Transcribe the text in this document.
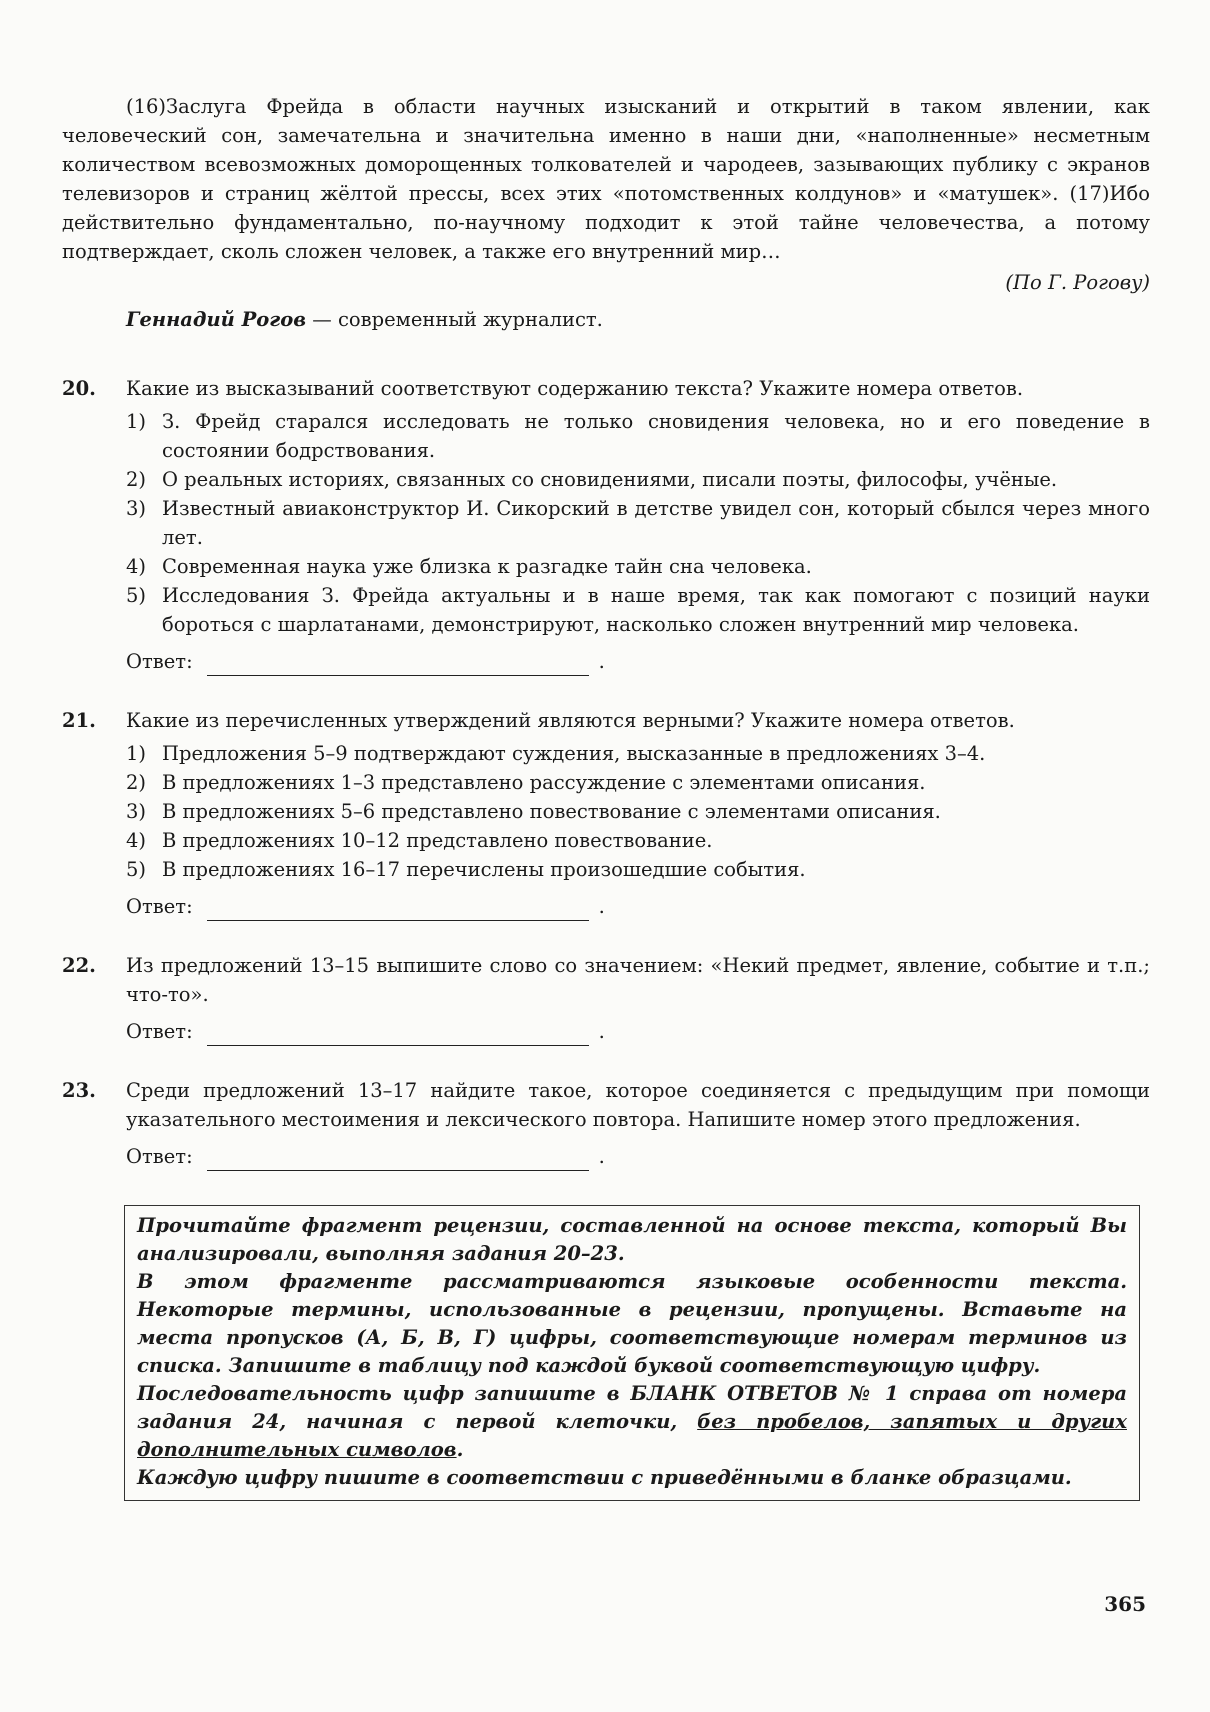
(16)Заслуга Фрейда в области научных изысканий и открытий в таком явлении, как человеческий сон, замечательна и значительна именно в наши дни, «наполненные» несметным количеством всевозможных доморощенных толкователей и чародеев, зазывающих публику с экранов телевизоров и страниц жёлтой прессы, всех этих «потомственных колдунов» и «матушек». (17)Ибо действительно фундаментально, по-научному подходит к этой тайне человечества, а потому подтверждает, сколь сложен человек, а также его внутренний мир…

(По Г. Рогову)

Геннадий Рогов — современный журналист.

20. Какие из высказываний соответствуют содержанию текста? Укажите номера ответов.

1) З. Фрейд старался исследовать не только сновидения человека, но и его поведение в состоянии бодрствования.
2) О реальных историях, связанных со сновидениями, писали поэты, философы, учёные.
3) Известный авиаконструктор И. Сикорский в детстве увидел сон, который сбылся через много лет.
4) Современная наука уже близка к разгадке тайн сна человека.
5) Исследования З. Фрейда актуальны и в наше время, так как помогают с позиций науки бороться с шарлатанами, демонстрируют, насколько сложен внутренний мир человека.
Ответ:	.
21. Какие из перечисленных утверждений являются верными? Укажите номера ответов.

1) Предложения 5–9 подтверждают суждения, высказанные в предложениях 3–4.
2) В предложениях 1–3 представлено рассуждение с элементами описания.
3) В предложениях 5–6 представлено повествование с элементами описания.
4) В предложениях 10–12 представлено повествование.
5) В предложениях 16–17 перечислены произошедшие события.
Ответ:	.
22. Из предложений 13–15 выпишите слово со значением: «Некий предмет, явление, событие и т.п.; что-то».

Ответ:	.
23. Среди предложений 13–17 найдите такое, которое соединяется с предыдущим при помощи указательного местоимения и лексического повтора. Напишите номер этого предложения.

Ответ:	.

Прочитайте фрагмент рецензии, составленной на основе текста, который Вы анализировали, выполняя задания 20–23.

В этом фрагменте рассматриваются языковые особенности текста. Некоторые термины, использованные в рецензии, пропущены. Вставьте на места пропусков (А, Б, В, Г) цифры, соответствующие номерам терминов из списка. Запишите в таблицу под каждой буквой соответствующую цифру.

Последовательность цифр запишите в БЛАНК ОТВЕТОВ № 1 справа от номера задания 24, начиная с первой клеточки, без пробелов, запятых и других дополнительных символов.

Каждую цифру пишите в соответствии с приведёнными в бланке образцами.

365
